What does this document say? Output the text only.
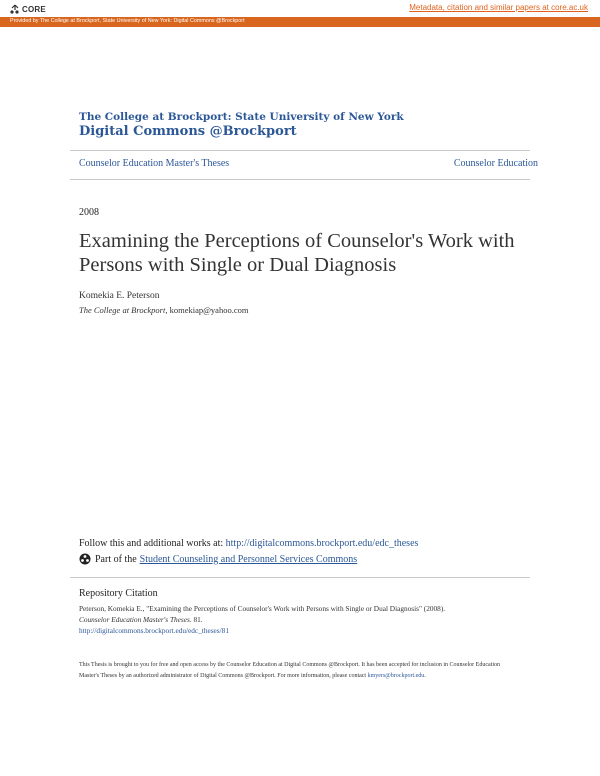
CORE	Metadata, citation and similar papers at core.ac.uk
Provided by The College at Brockport, State University of New York: Digital Commons @Brockport
The College at Brockport: State University of New York
Digital Commons @Brockport
Counselor Education Master's Theses	Counselor Education
2008
Examining the Perceptions of Counselor's Work with Persons with Single or Dual Diagnosis
Komekia E. Peterson
The College at Brockport, komekiap@yahoo.com
Follow this and additional works at: http://digitalcommons.brockport.edu/edc_theses
Part of the Student Counseling and Personnel Services Commons
Repository Citation
Peterson, Komekia E., "Examining the Perceptions of Counselor's Work with Persons with Single or Dual Diagnosis" (2008).
Counselor Education Master's Theses. 81.
http://digitalcommons.brockport.edu/edc_theses/81
This Thesis is brought to you for free and open access by the Counselor Education at Digital Commons @Brockport. It has been accepted for inclusion in Counselor Education Master's Theses by an authorized administrator of Digital Commons @Brockport. For more information, please contact kmyers@brockport.edu.
